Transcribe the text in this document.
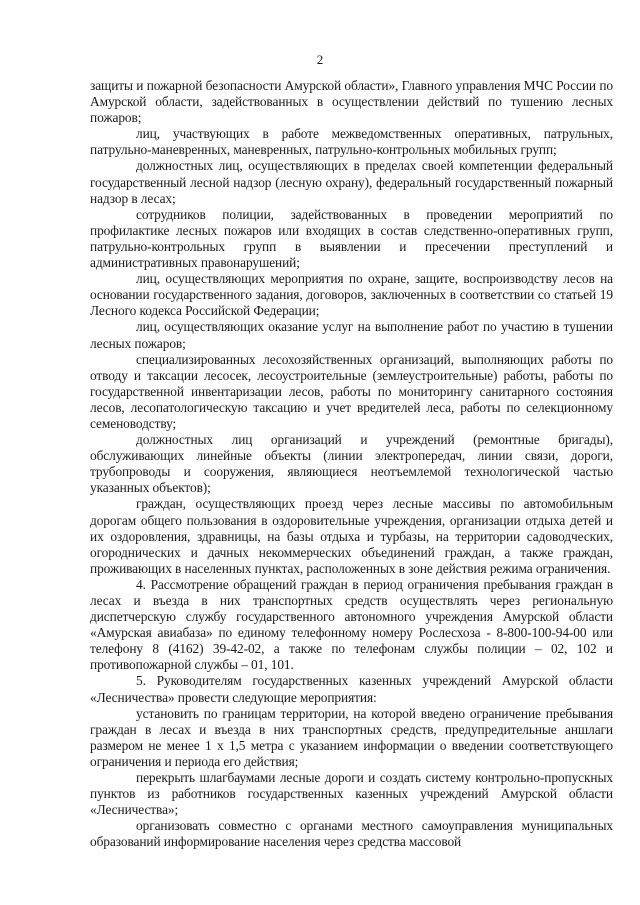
2

защиты и пожарной безопасности Амурской области», Главного управления МЧС России по Амурской области, задействованных в осуществлении действий по тушению лесных пожаров;

лиц, участвующих в работе межведомственных оперативных, патрульных, патрульно-маневренных, маневренных, патрульно-контрольных мобильных групп;

должностных лиц, осуществляющих в пределах своей компетенции федеральный государственный лесной надзор (лесную охрану), федеральный государственный пожарный надзор в лесах;

сотрудников полиции, задействованных в проведении мероприятий по профилактике лесных пожаров или входящих в состав следственно-оперативных групп, патрульно-контрольных групп в выявлении и пресечении преступлений и административных правонарушений;

лиц, осуществляющих мероприятия по охране, защите, воспроизводству лесов на основании государственного задания, договоров, заключенных в соответствии со статьей 19 Лесного кодекса Российской Федерации;

лиц, осуществляющих оказание услуг на выполнение работ по участию в тушении лесных пожаров;

специализированных лесохозяйственных организаций, выполняющих работы по отводу и таксации лесосек, лесоустроительные (землеустроительные) работы, работы по государственной инвентаризации лесов, работы по мониторингу санитарного состояния лесов, лесопатологическую таксацию и учет вредителей леса, работы по селекционному семеноводству;

должностных лиц организаций и учреждений (ремонтные бригады), обслуживающих линейные объекты (линии электропередач, линии связи, дороги, трубопроводы и сооружения, являющиеся неотъемлемой технологической частью указанных объектов);

граждан, осуществляющих проезд через лесные массивы по автомобильным дорогам общего пользования в оздоровительные учреждения, организации отдыха детей и их оздоровления, здравницы, на базы отдыха и турбазы, на территории садоводческих, огороднических и дачных некоммерческих объединений граждан, а также граждан, проживающих в населенных пунктах, расположенных в зоне действия режима ограничения.

4. Рассмотрение обращений граждан в период ограничения пребывания граждан в лесах и въезда в них транспортных средств осуществлять через региональную диспетчерскую службу государственного автономного учреждения Амурской области «Амурская авиабаза» по единому телефонному номеру Рослесхоза - 8-800-100-94-00 или телефону 8 (4162) 39-42-02, а также по телефонам службы полиции – 02, 102 и противопожарной службы – 01, 101.

5. Руководителям государственных казенных учреждений Амурской области «Лесничества» провести следующие мероприятия:

установить по границам территории, на которой введено ограничение пребывания граждан в лесах и въезда в них транспортных средств, предупредительные аншлаги размером не менее 1 х 1,5 метра с указанием информации о введении соответствующего ограничения и периода его действия;

перекрыть шлагбаумами лесные дороги и создать систему контрольно-пропускных пунктов из работников государственных казенных учреждений Амурской области «Лесничества»;

организовать совместно с органами местного самоуправления муниципальных образований информирование населения через средства массовой
